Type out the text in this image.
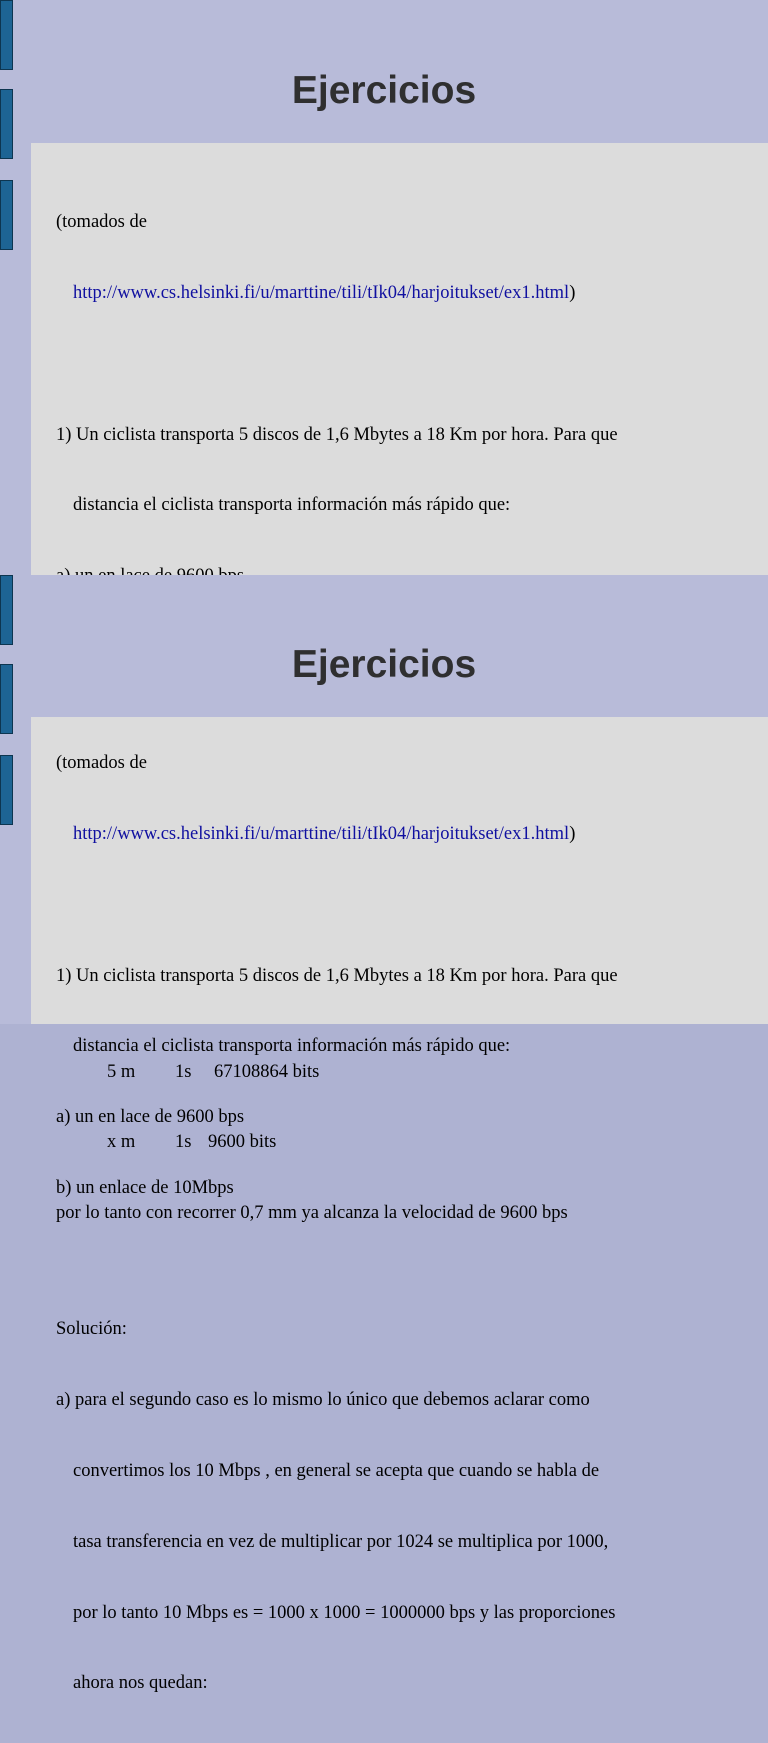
Ejercicios

(tomados de

http://www.cs.helsinki.fi/u/marttine/tili/tIk04/harjoitukset/ex1.html)

1) Un ciclista transporta 5 discos de 1,6 Mbytes a 18 Km por hora. Para que

distancia el ciclista transporta información más rápido que:

5 m 1s 67108864 bits

x m 1s 9600 bits

por lo tanto con recorrer 0,7 mm ya alcanza la velocidad de 9600 bps

Ejercicios

(tomados de

http://www.cs.helsinki.fi/u/marttine/tili/tIk04/harjoitukset/ex1.html)

1) Un ciclista transporta 5 discos de 1,6 Mbytes a 18 Km por hora. Para que

distancia el ciclista transporta información más rápido que:

a) un en lace de 9600 bps

b) un enlace de 10Mbps

Solución:

a) para el segundo caso es lo mismo lo único que debemos aclarar como

convertimos los 10 Mbps , en general se acepta que cuando se habla de

tasa transferencia en vez de multiplicar por 1024 se multiplica por 1000,

por lo tanto 10 Mbps es = 1000 x 1000 = 1000000 bps y las proporciones

ahora nos quedan:
